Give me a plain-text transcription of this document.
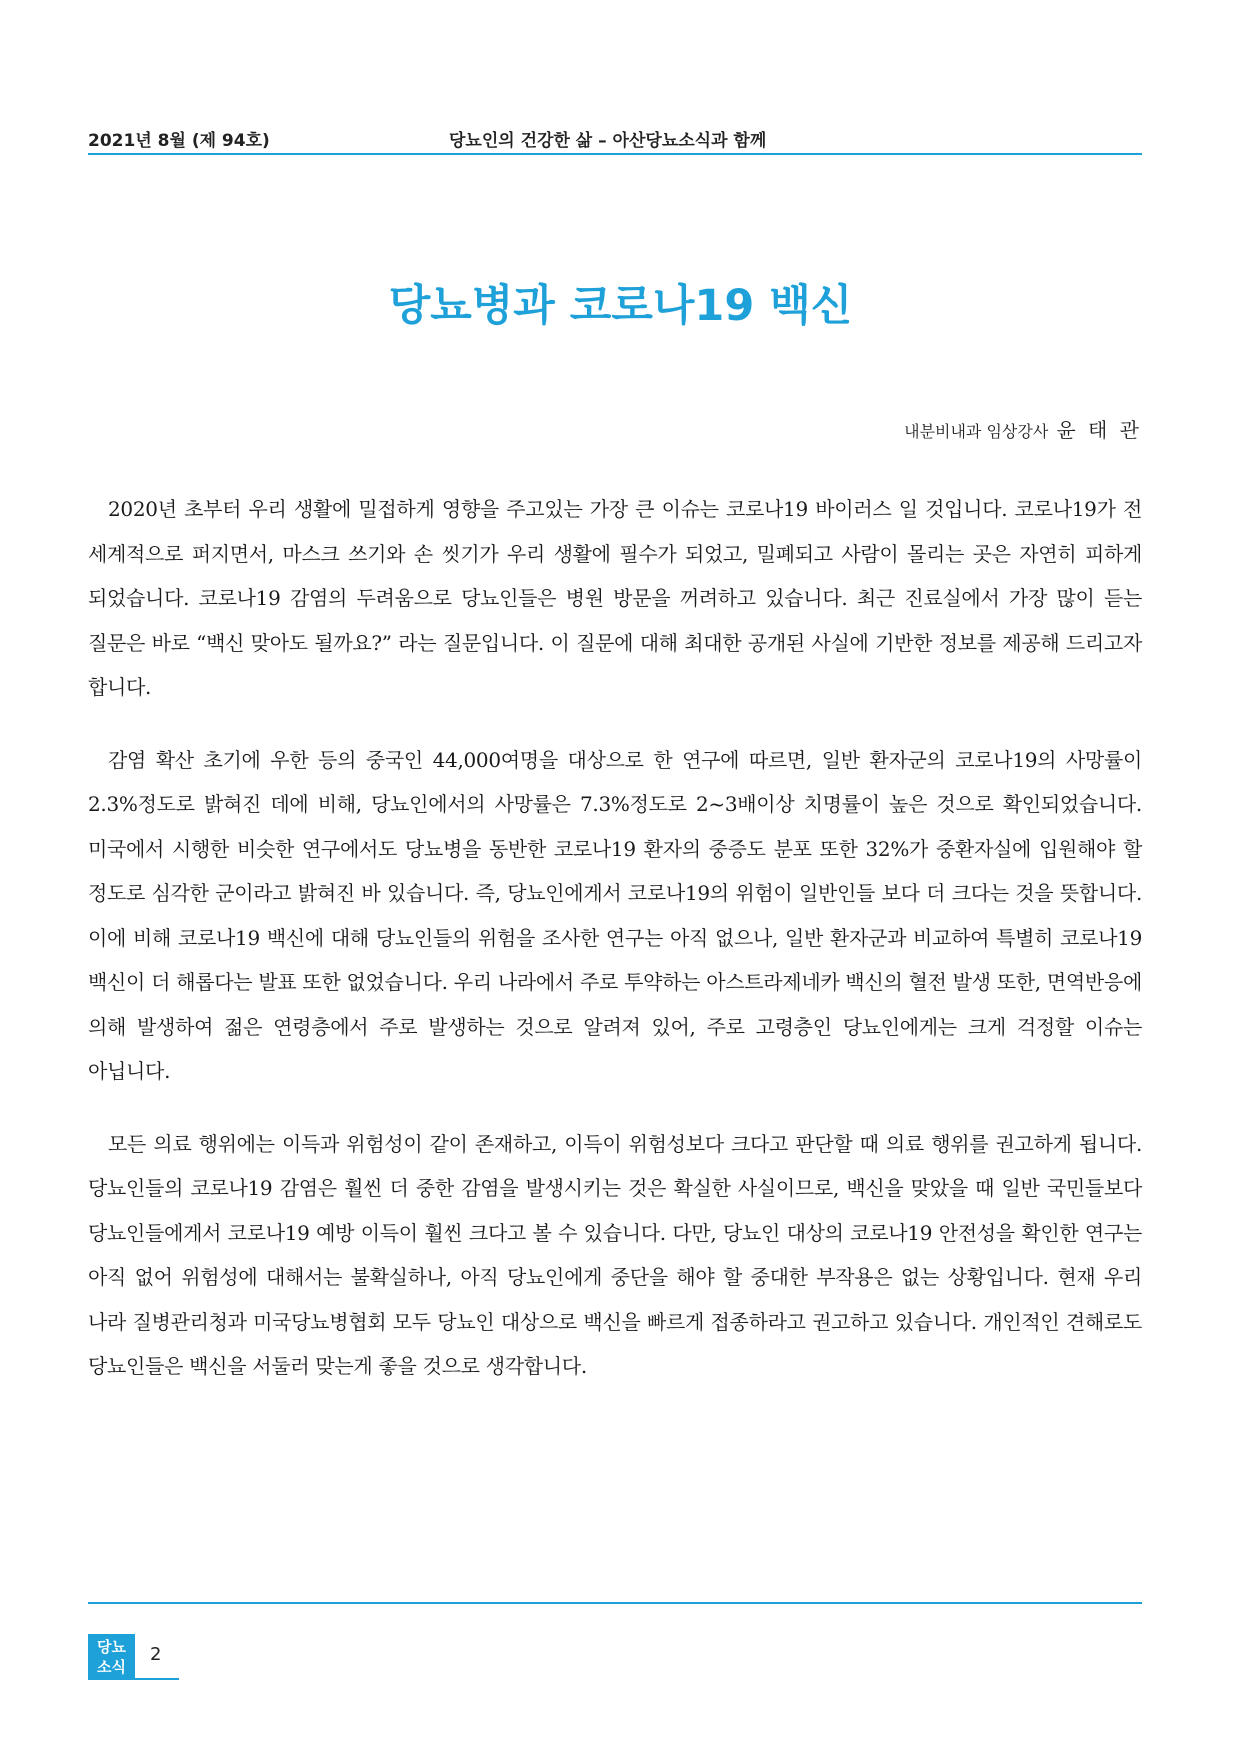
2021년 8월 (제 94호)	당뇨인의 건강한 삶 – 아산당뇨소식과 함께
당뇨병과 코로나19 백신
내분비내과 임상강사 윤 태 관

2020년 초부터 우리 생활에 밀접하게 영향을 주고있는 가장 큰 이슈는 코로나19 바이러스 일 것입니다. 코로나19가 전 세계적으로 퍼지면서, 마스크 쓰기와 손 씻기가 우리 생활에 필수가 되었고, 밀폐되고 사람이 몰리는 곳은 자연히 피하게 되었습니다. 코로나19 감염의 두려움으로 당뇨인들은 병원 방문을 꺼려하고 있습니다. 최근 진료실에서 가장 많이 듣는 질문은 바로 “백신 맞아도 될까요?” 라는 질문입니다. 이 질문에 대해 최대한 공개된 사실에 기반한 정보를 제공해 드리고자 합니다.

감염 확산 초기에 우한 등의 중국인 44,000여명을 대상으로 한 연구에 따르면, 일반 환자군의 코로나19의 사망률이 2.3%정도로 밝혀진 데에 비해, 당뇨인에서의 사망률은 7.3%정도로 2~3배이상 치명률이 높은 것으로 확인되었습니다. 미국에서 시행한 비슷한 연구에서도 당뇨병을 동반한 코로나19 환자의 중증도 분포 또한 32%가 중환자실에 입원해야 할 정도로 심각한 군이라고 밝혀진 바 있습니다. 즉, 당뇨인에게서 코로나19의 위험이 일반인들 보다 더 크다는 것을 뜻합니다. 이에 비해 코로나19 백신에 대해 당뇨인들의 위험을 조사한 연구는 아직 없으나, 일반 환자군과 비교하여 특별히 코로나19 백신이 더 해롭다는 발표 또한 없었습니다. 우리 나라에서 주로 투약하는 아스트라제네카 백신의 혈전 발생 또한, 면역반응에 의해 발생하여 젊은 연령층에서 주로 발생하는 것으로 알려져 있어, 주로 고령층인 당뇨인에게는 크게 걱정할 이슈는 아닙니다.

모든 의료 행위에는 이득과 위험성이 같이 존재하고, 이득이 위험성보다 크다고 판단할 때 의료 행위를 권고하게 됩니다. 당뇨인들의 코로나19 감염은 훨씬 더 중한 감염을 발생시키는 것은 확실한 사실이므로, 백신을 맞았을 때 일반 국민들보다 당뇨인들에게서 코로나19 예방 이득이 훨씬 크다고 볼 수 있습니다. 다만, 당뇨인 대상의 코로나19 안전성을 확인한 연구는 아직 없어 위험성에 대해서는 불확실하나, 아직 당뇨인에게 중단을 해야 할 중대한 부작용은 없는 상황입니다. 현재 우리 나라 질병관리청과 미국당뇨병협회 모두 당뇨인 대상으로 백신을 빠르게 접종하라고 권고하고 있습니다. 개인적인 견해로도 당뇨인들은 백신을 서둘러 맞는게 좋을 것으로 생각합니다.

당뇨
소식
2
